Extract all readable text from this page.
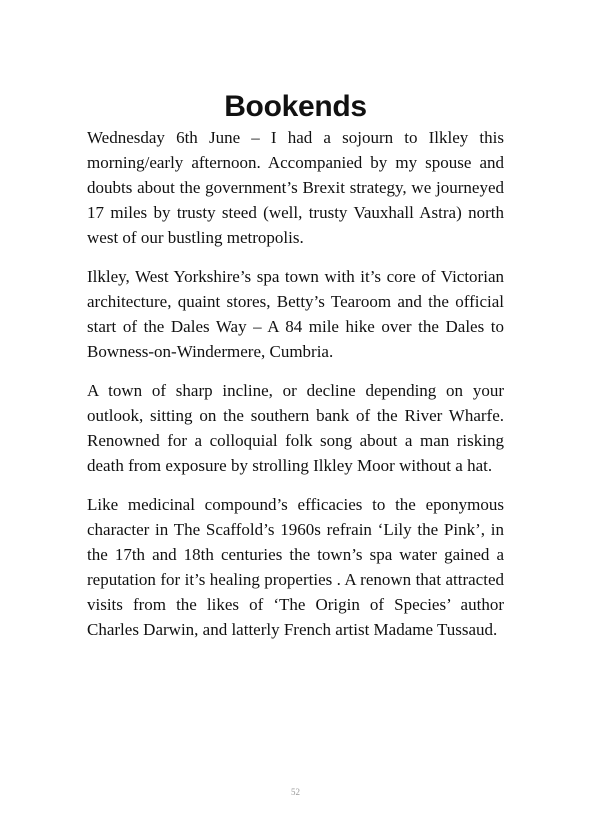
Bookends

Wednesday 6th June – I had a sojourn to Ilkley this morning/early afternoon. Accompanied by my spouse and doubts about the government’s Brexit strategy, we journeyed 17 miles by trusty steed (well, trusty Vauxhall Astra) north west of our bustling metropolis.

Ilkley, West Yorkshire’s spa town with it’s core of Victorian architecture, quaint stores, Betty’s Tearoom and the official start of the Dales Way – A 84 mile hike over the Dales to Bowness-on-Windermere, Cumbria.

A town of sharp incline, or decline depending on your outlook, sitting on the southern bank of the River Wharfe. Renowned for a colloquial folk song about a man risking death from exposure by strolling Ilkley Moor without a hat.

Like medicinal compound’s efficacies to the eponymous character in The Scaffold’s 1960s refrain ‘Lily the Pink’, in the 17th and 18th centuries the town’s spa water gained a reputation for it’s healing properties . A renown that attracted visits from the likes of ‘The Origin of Species’ author Charles Darwin, and latterly French artist Madame Tussaud.

52
